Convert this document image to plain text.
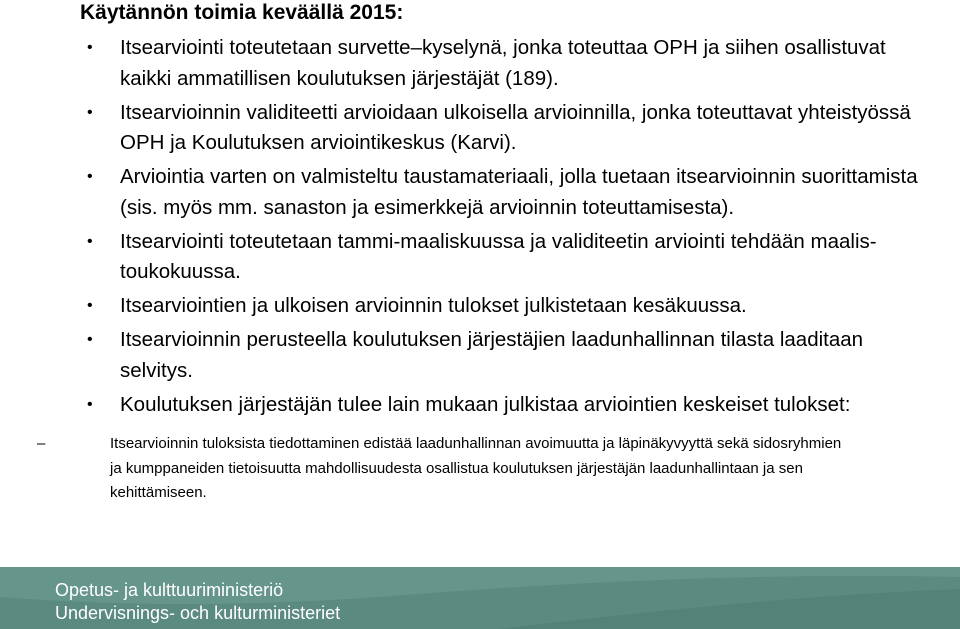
Käytännön toimia keväällä 2015:
• Itsearviointi toteutetaan survette–kyselynä, jonka toteuttaa OPH ja siihen osallistuvat kaikki ammatillisen koulutuksen järjestäjät (189).
• Itsearvioinnin validiteetti arvioidaan ulkoisella arvioinnilla, jonka toteuttavat yhteistyössä OPH ja Koulutuksen arviointikeskus (Karvi).
• Arviointia varten on valmisteltu taustamateriaali, jolla tuetaan itsearvioinnin suorittamista (sis. myös mm. sanaston ja esimerkkejä arvioinnin toteuttamisesta).
• Itsearviointi toteutetaan tammi-maaliskuussa ja validiteetin arviointi tehdään maalis-toukokuussa.
• Itsearviointien ja ulkoisen arvioinnin tulokset julkistetaan kesäkuussa.
• Itsearvioinnin perusteella koulutuksen järjestäjien laadunhallinnan tilasta laaditaan selvitys.
• Koulutuksen järjestäjän tulee lain mukaan julkistaa arviointien keskeiset tulokset:
–	Itsearvioinnin tuloksista tiedottaminen edistää laadunhallinnan avoimuutta ja läpinäkyvyyttä sekä sidosryhmien ja kumppaneiden tietoisuutta mahdollisuudesta osallistua koulutuksen järjestäjän laadunhallintaan ja sen kehittämiseen.
Opetus- ja kulttuuriministeriö
Undervisnings- och kulturministeriet
